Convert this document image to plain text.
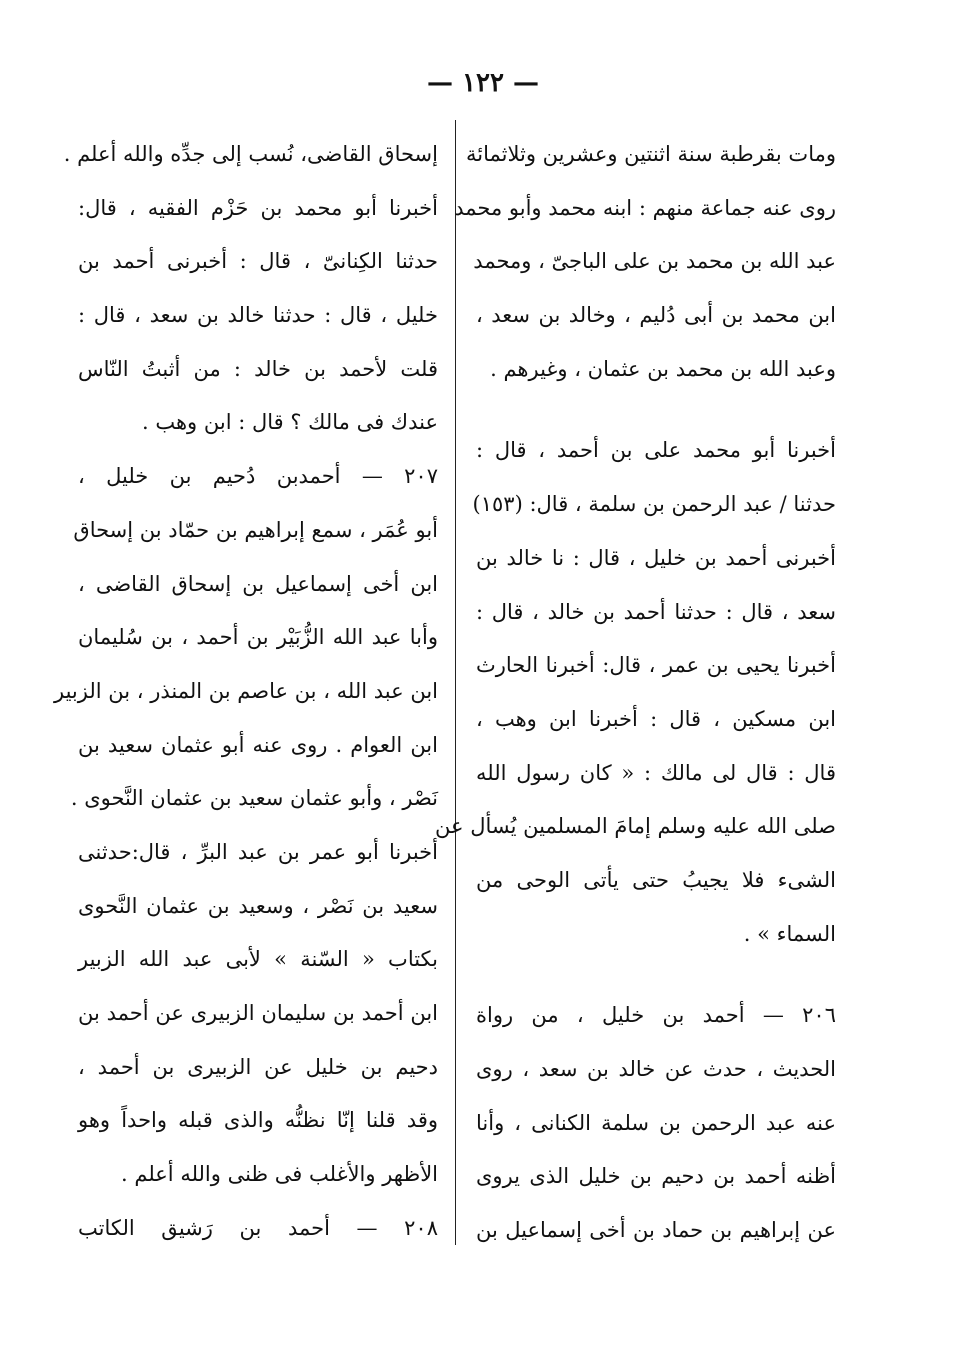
— ١٢٢ —
ومات بقرطبة سنة اثنتين وعشرين وثلاثمائة
روى عنه جماعة منهم : ابنه محمد وأبو محمد
عبد الله بن محمد بن على الباجىّ ، ومحمد
ابن محمد بن أبى دُليم ، وخالد بن سعد ،
وعبد الله بن محمد بن عثمان ، وغيرهم .
أخبرنا أبو محمد على بن أحمد ، قال :
حدثنا / عبد الرحمن بن سلمة ، قال: (١٥٣)
أخبرنى أحمد بن خليل ، قال : نا خالد بن
سعد ، قال : حدثنا أحمد بن خالد ، قال :
أخبرنا يحيى بن عمر ، قال: أخبرنا الحارث
ابن مسكين ، قال : أخبرنا ابن وهب ،
قال : قال لى مالك : « كان رسول الله
صلى الله عليه وسلم إمامَ المسلمين يُسأل عن
الشىء فلا يجيبُ حتى يأتى الوحى من
السماء » .
٢٠٦ — أحمد بن خليل ، من رواة
الحديث ، حدث عن خالد بن سعد ، روى
عنه عبد الرحمن بن سلمة الكنانى ، وأنا
أظنه أحمد بن دحيم بن خليل الذى يروى
عن إبراهيم بن حماد بن أخى إسماعيل بن
إسحاق القاضى، نُسب إلى جدِّه والله أعلم .
أخبرنا أبو محمد بن حَزْم الفقيه ، قال:
حدثنا الكِنانىّ ، قال : أخبرنى أحمد بن
خليل ، قال : حدثنا خالد بن سعد ، قال :
قلت لأحمد بن خالد : من أثبتُ النّاس
عندك فى مالك ؟ قال : ابن وهب .
٢٠٧ — أحمدبن دُحيم بن خليل ،
أبو عُمَر ، سمع إبراهيم بن حمّاد بن إسحاق
ابن أخى إسماعيل بن إسحاق القاضى ،
وأبا عبد الله الزُّبَيْر بن أحمد ، بن سُليمان
ابن عبد الله ، بن عاصم بن المنذر ، بن الزبير
ابن العوام . روى عنه أبو عثمان سعيد بن
نَصْر ، وأبو عثمان سعيد بن عثمان النَّحوى .
أخبرنا أبو عمر بن عبد البرِّ ، قال:حدثنى
سعيد بن نَصْر ، وسعيد بن عثمان النَّحوى
بكتاب « السّنة » لأبى عبد الله الزبير
ابن أحمد بن سليمان الزبيرى عن أحمد بن
دحيم بن خليل عن الزبيرى بن أحمد ،
وقد قلنا إنّا نظنُّه والذى قبله واحداً وهو
الأظهر والأغلب فى ظنى والله أعلم .
٢٠٨ — أحمد بن رَشيق الكاتب
